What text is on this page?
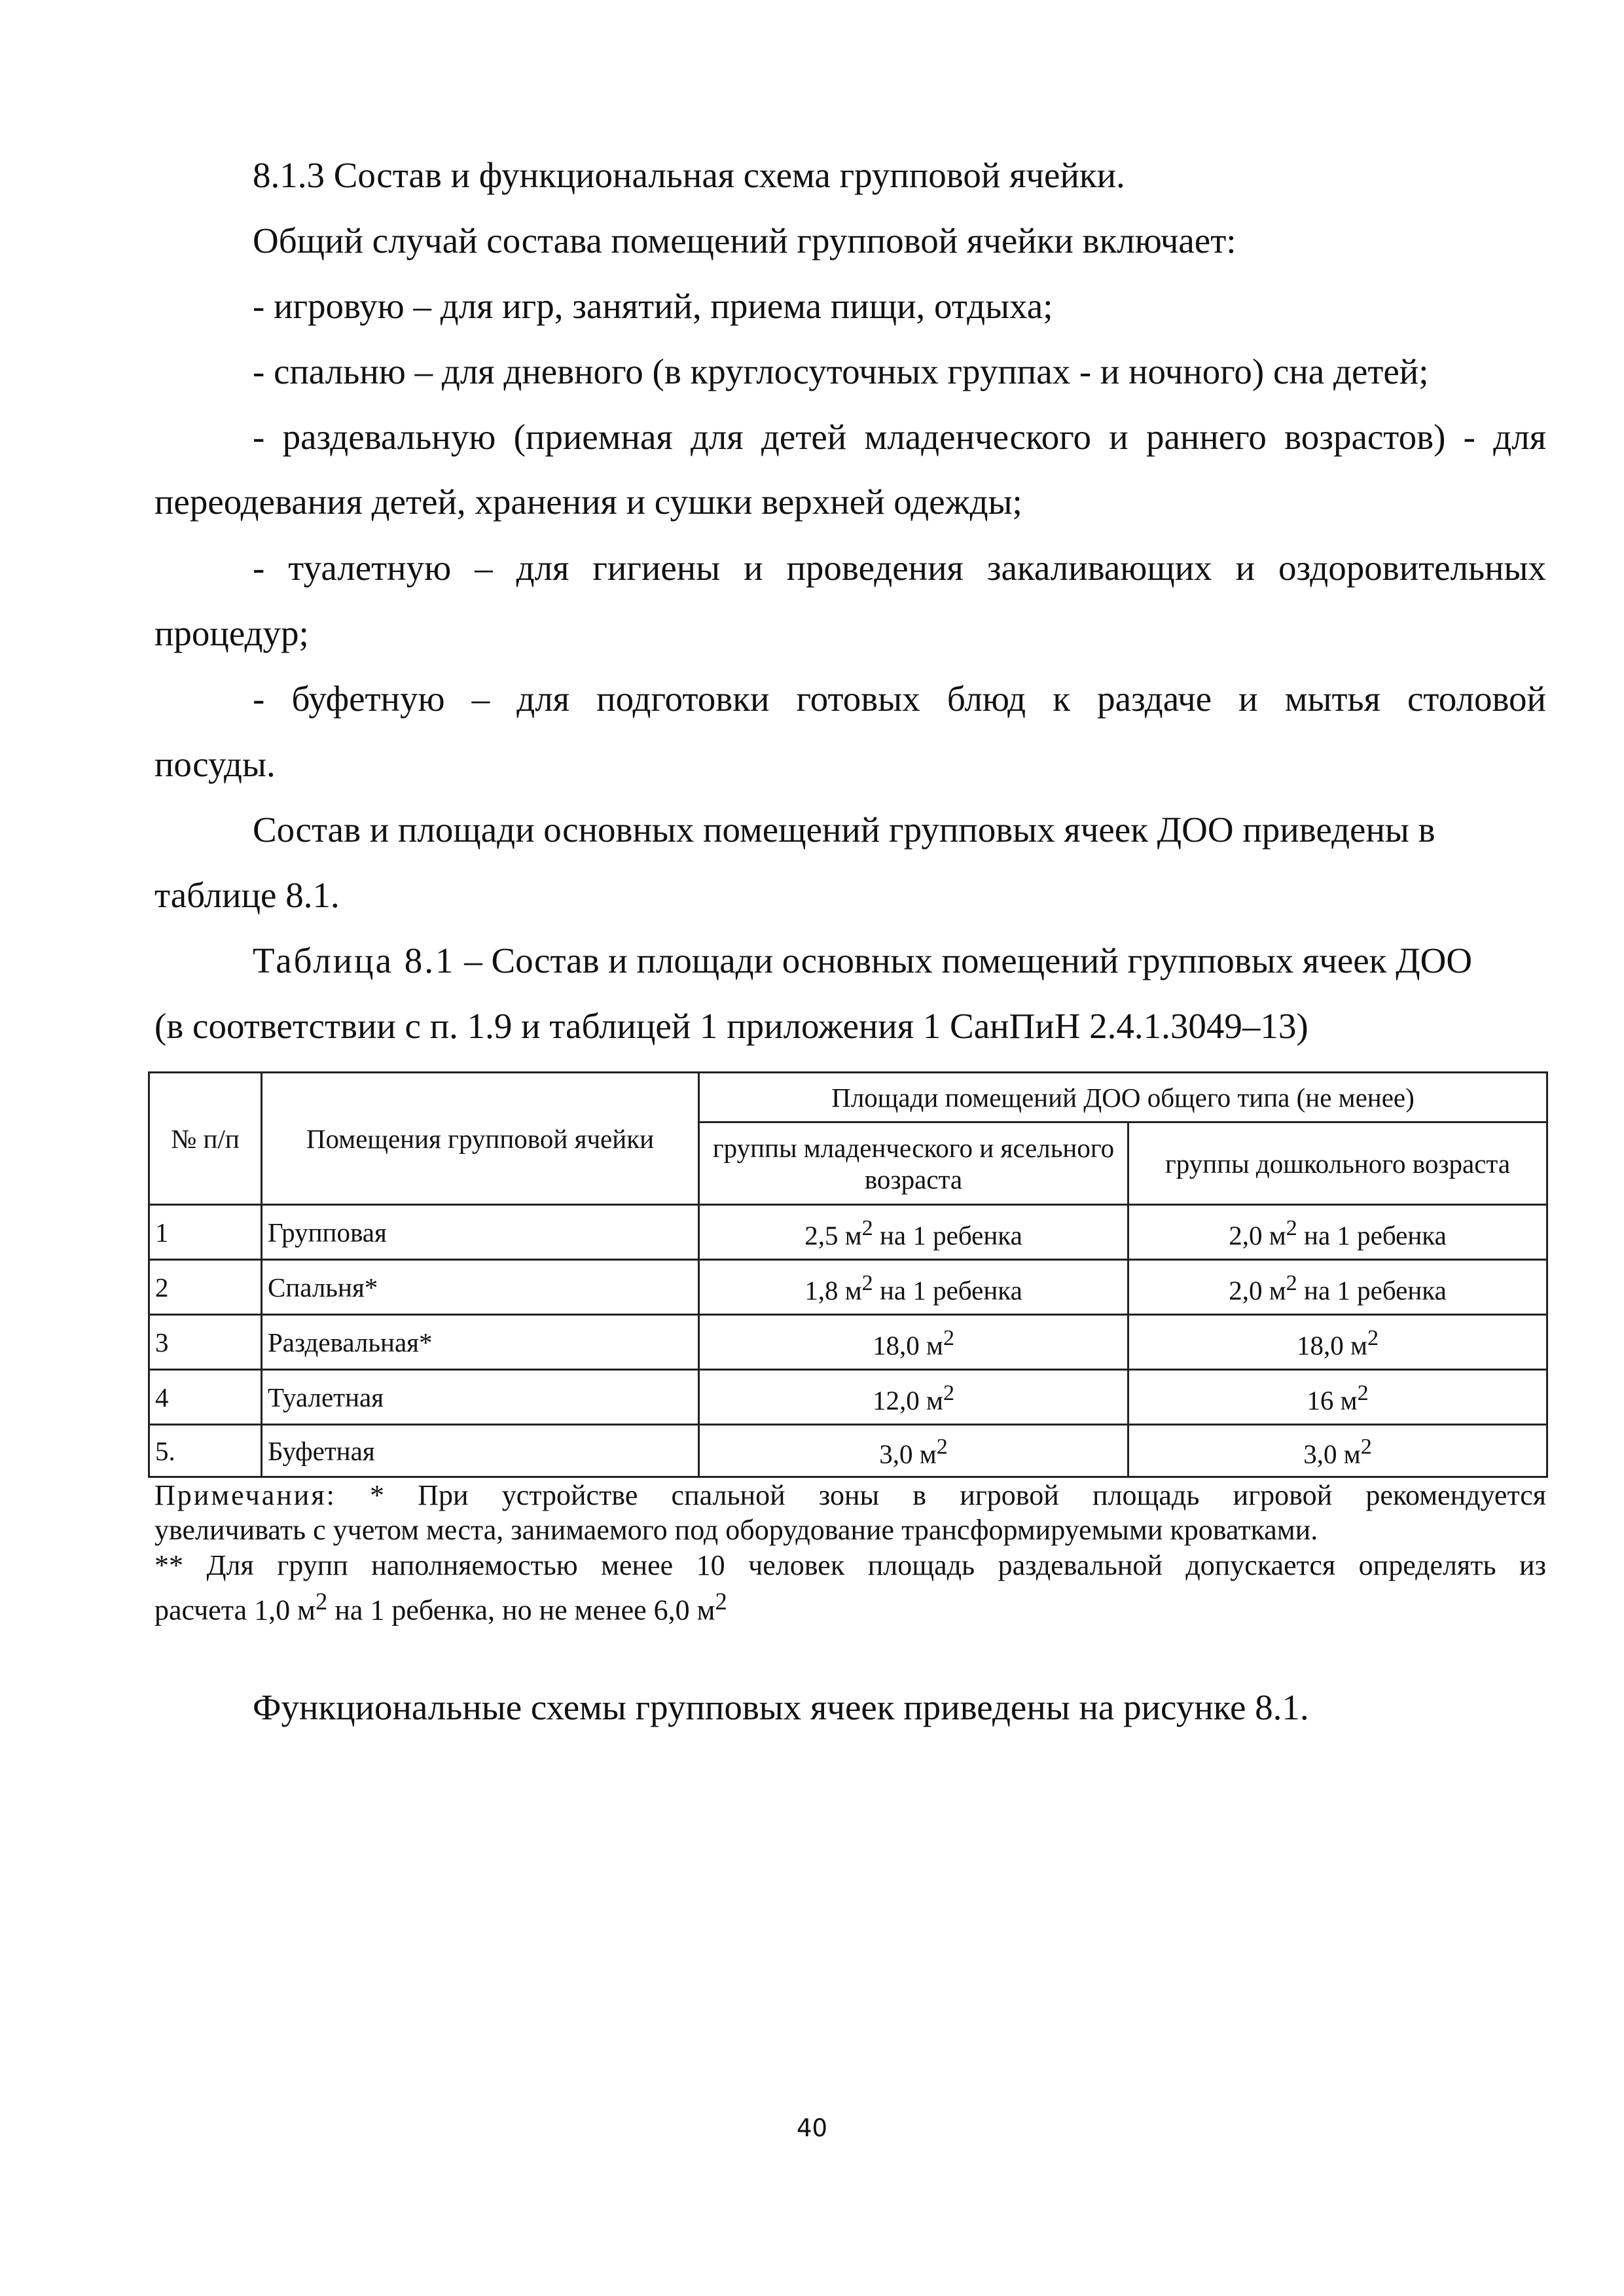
8.1.3 Состав и функциональная схема групповой ячейки.
Общий случай состава помещений групповой ячейки включает:
- игровую – для игр, занятий, приема пищи, отдыха;
- спальню – для дневного (в круглосуточных группах - и ночного) сна детей;
- раздевальную (приемная для детей младенческого и раннего возрастов) - для
переодевания детей, хранения и сушки верхней одежды;
- туалетную – для гигиены и проведения закаливающих и оздоровительных
процедур;
- буфетную – для подготовки готовых блюд к раздаче и мытья столовой
посуды.
Состав и площади основных помещений групповых ячеек ДОО приведены в
таблице 8.1.
Таблица 8.1 – Состав и площади основных помещений групповых ячеек ДОО
(в соответствии с п. 1.9 и таблицей 1 приложения 1 СанПиН 2.4.1.3049–13)
№ п/п	Помещения групповой ячейки	Площади помещений ДОО общего типа (не менее)	
		группы младенческого и ясельного возраста	группы дошкольного возраста
1	Групповая	2,5 $м^2$ на 1 ребенка	2,0 $м^2$ на 1 ребенка
2	Спальня*	1,8 $м^2$ на 1 ребенка	2,0 $м^2$ на 1 ребенка
3	Раздевальная*	18,0 $м^2$	18,0 $м^2$
4	Туалетная	12,0 $м^2$	16 $м^2$
5.	Буфетная	3,0 $м^2$	3,0 $м^2$
Примечания: * При устройстве спальной зоны в игровой площадь игровой рекомендуется
увеличивать с учетом места, занимаемого под оборудование трансформируемыми кроватками.
** Для групп наполняемостью менее 10 человек площадь раздевальной допускается определять из
расчета 1,0 $м^2$ на 1 ребенка, но не менее 6,0 $м^2$
Функциональные схемы групповых ячеек приведены на рисунке 8.1.
40
